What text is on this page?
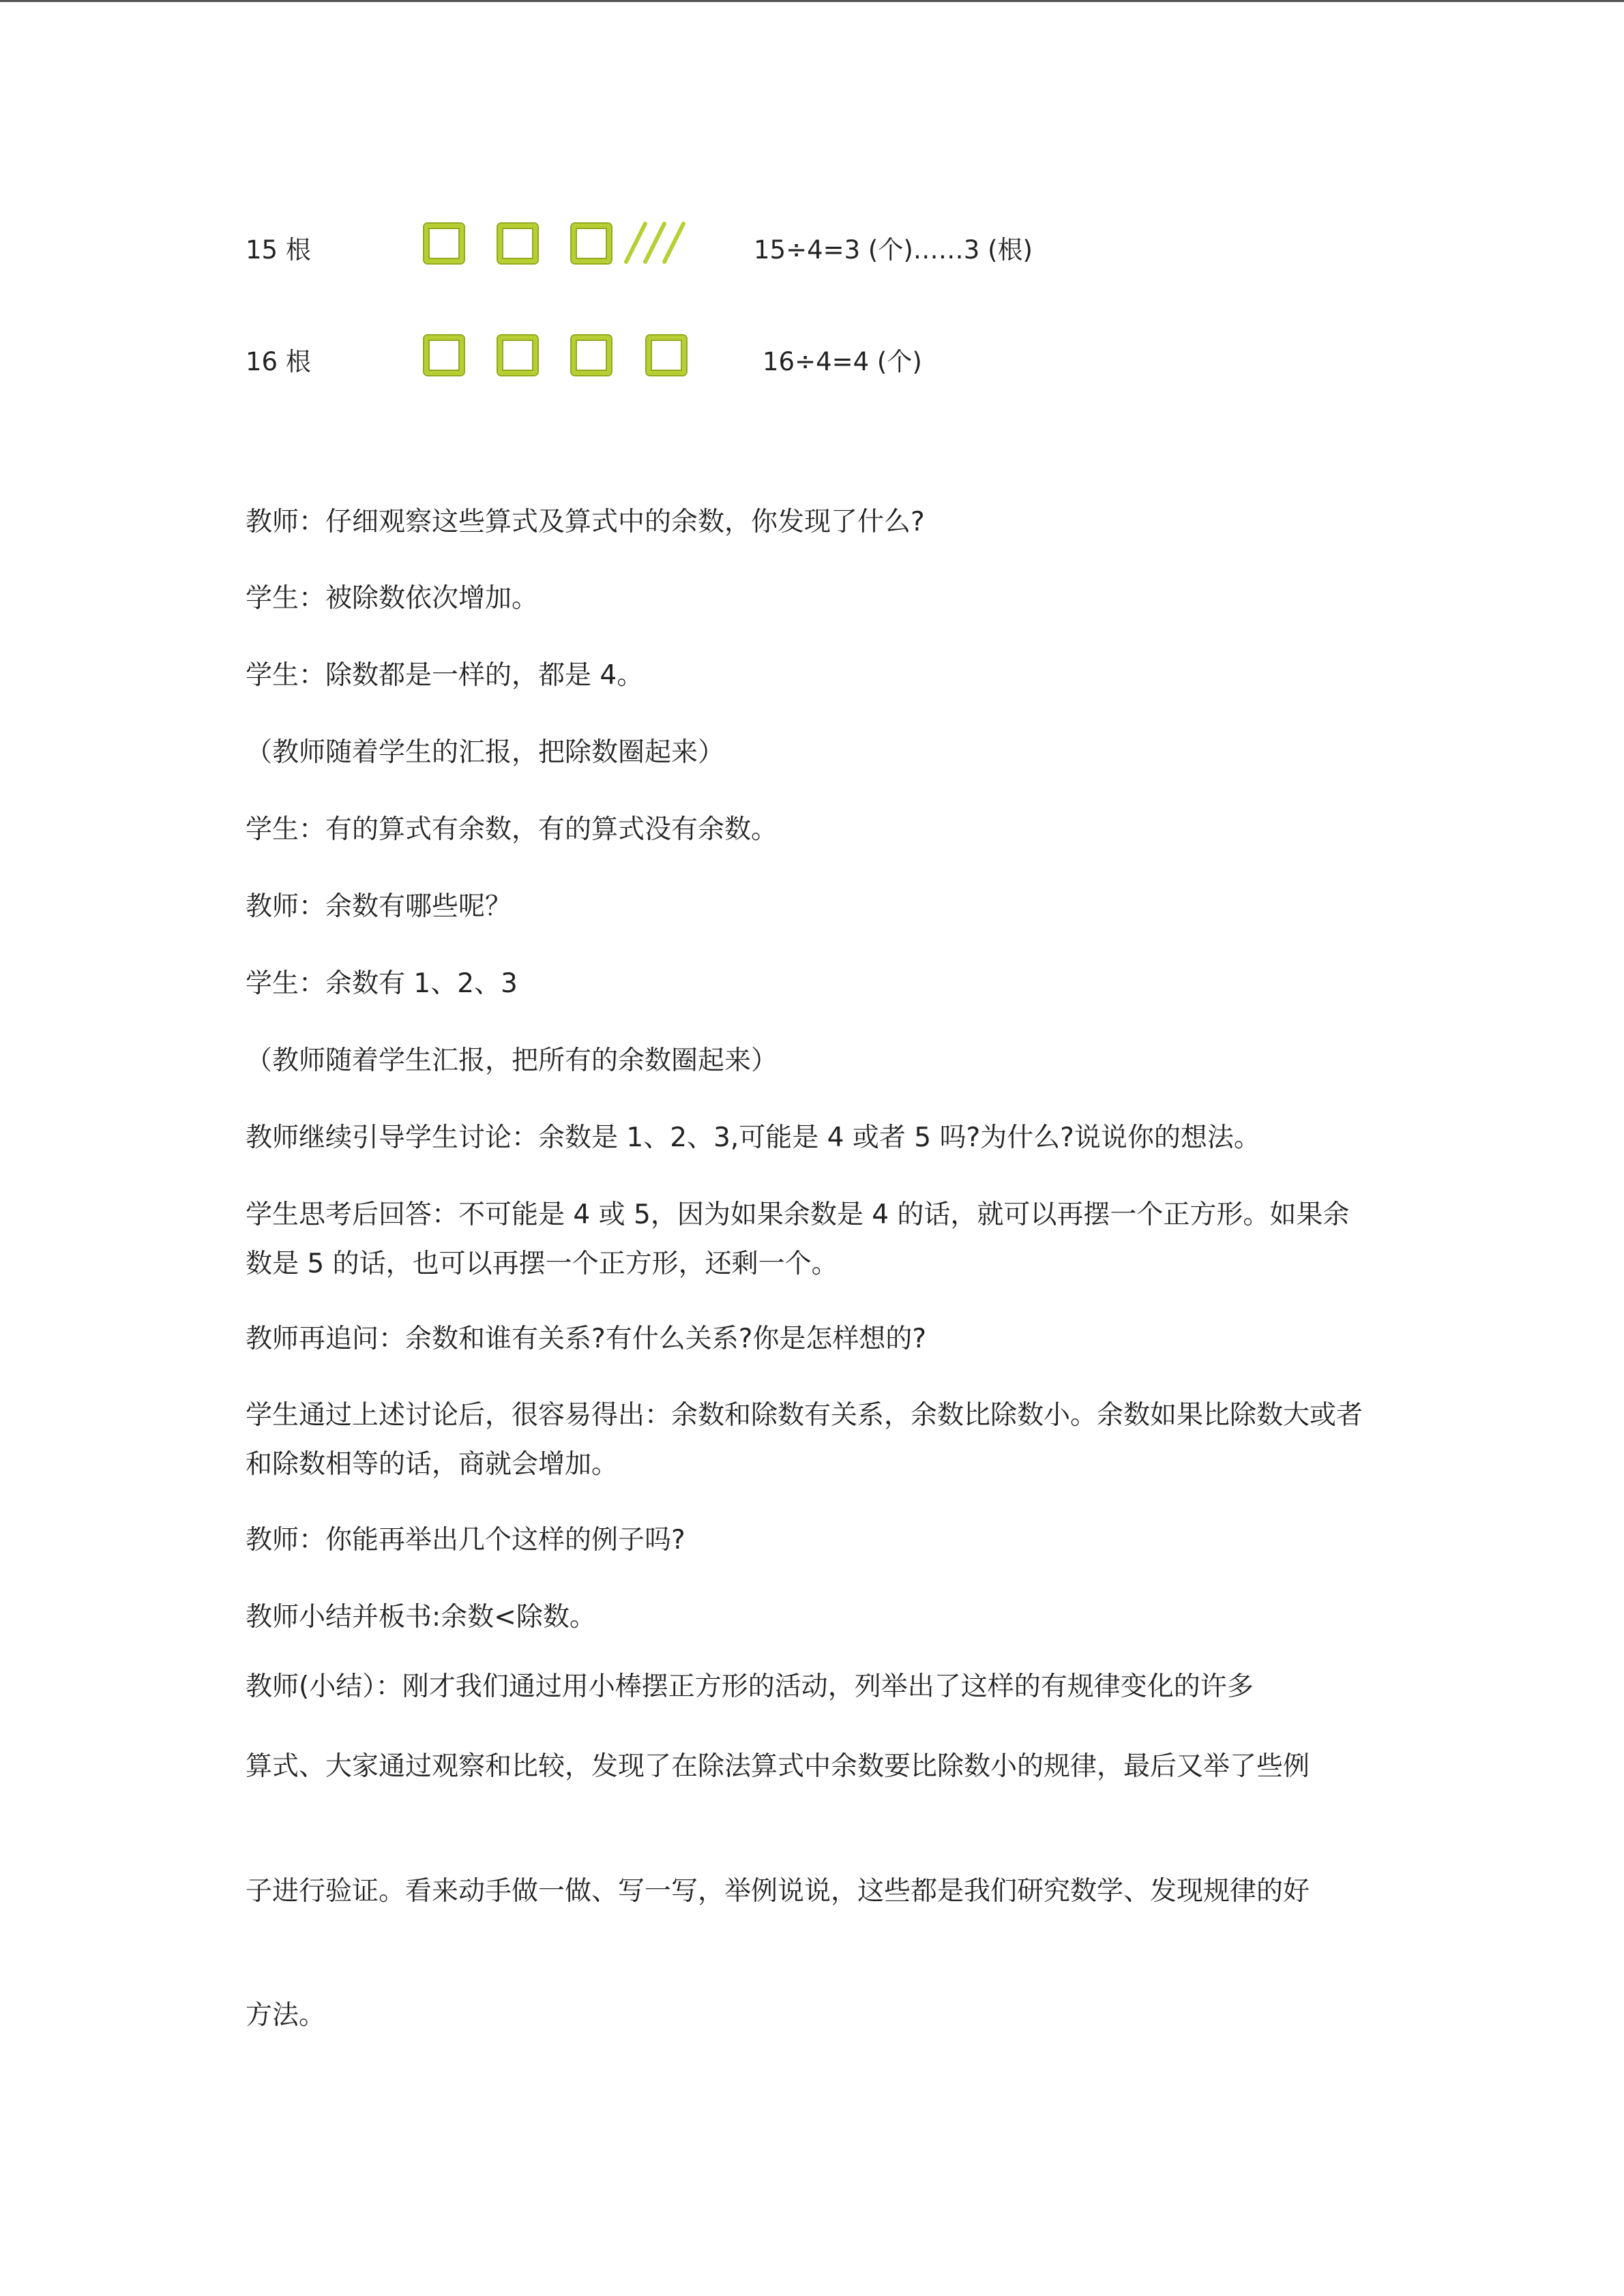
15 根	15÷4=3 (个)……3 (根)
16 根	16÷4=4 (个)

教师：仔细观察这些算式及算式中的余数，你发现了什么?

学生：被除数依次增加。

学生：除数都是一样的，都是 4。

（教师随着学生的汇报，把除数圈起来）

学生：有的算式有余数，有的算式没有余数。

教师：余数有哪些呢？

学生：余数有 1、2、3

（教师随着学生汇报，把所有的余数圈起来）

教师继续引导学生讨论：余数是 1、2、3,可能是 4 或者 5 吗?为什么?说说你的想法。

学生思考后回答：不可能是 4 或 5，因为如果余数是 4 的话，就可以再摆一个正方形。如果余数是 5 的话，也可以再摆一个正方形，还剩一个。

教师再追问：余数和谁有关系?有什么关系?你是怎样想的?

学生通过上述讨论后，很容易得出：余数和除数有关系，余数比除数小。余数如果比除数大或者和除数相等的话，商就会增加。

教师：你能再举出几个这样的例子吗?

教师小结并板书:余数<除数。

教师(小结）：刚才我们通过用小棒摆正方形的活动，列举出了这样的有规律变化的许多

算式、大家通过观察和比较，发现了在除法算式中余数要比除数小的规律，最后又举了些例

子进行验证。看来动手做一做、写一写，举例说说，这些都是我们研究数学、发现规律的好

方法。
